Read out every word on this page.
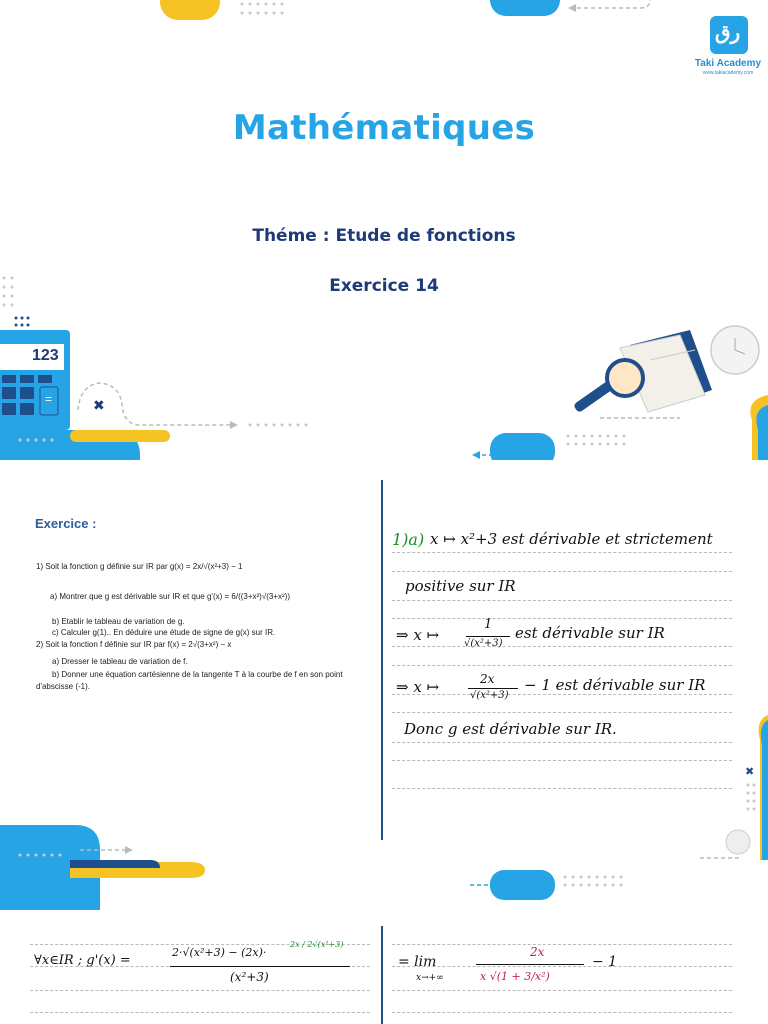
123
=	✖
رق
Taki Academy
www.takiacademy.com
Mathématiques
Théme : Etude de fonctions
Exercice 14
✖
Exercice :
1) Soit la fonction g définie sur IR par g(x) = 2x/√(x²+3) − 1
a) Montrer que g est dérivable sur IR et que g'(x) = 6/((3+x²)√(3+x²))
b) Etablir le tableau de variation de g.
c) Calculer g(1).. En déduire une étude de signe de g(x) sur IR.
2) Soit la fonction f définie sur IR par f(x) = 2√(3+x²) − x
a) Dresser le tableau de variation de f.
b) Donner une équation cartésienne de la tangente T à la courbe de f en son point
d'abscisse (-1).
1)a) x ↦ x²+3 est dérivable et strictement
positive sur IR
⇒ x ↦
1
√(x²+3)
est dérivable sur IR
⇒ x ↦	2x
√(x²+3)
− 1 est dérivable sur IR
Donc g est dérivable sur IR.
∀x∈IR ; g'(x) =
2·√(x²+3) − (2x)·
2x / 2√(x²+3)
(x²+3)
= lim
x→+∞
2x
x √(1 + 3/x²)
− 1
